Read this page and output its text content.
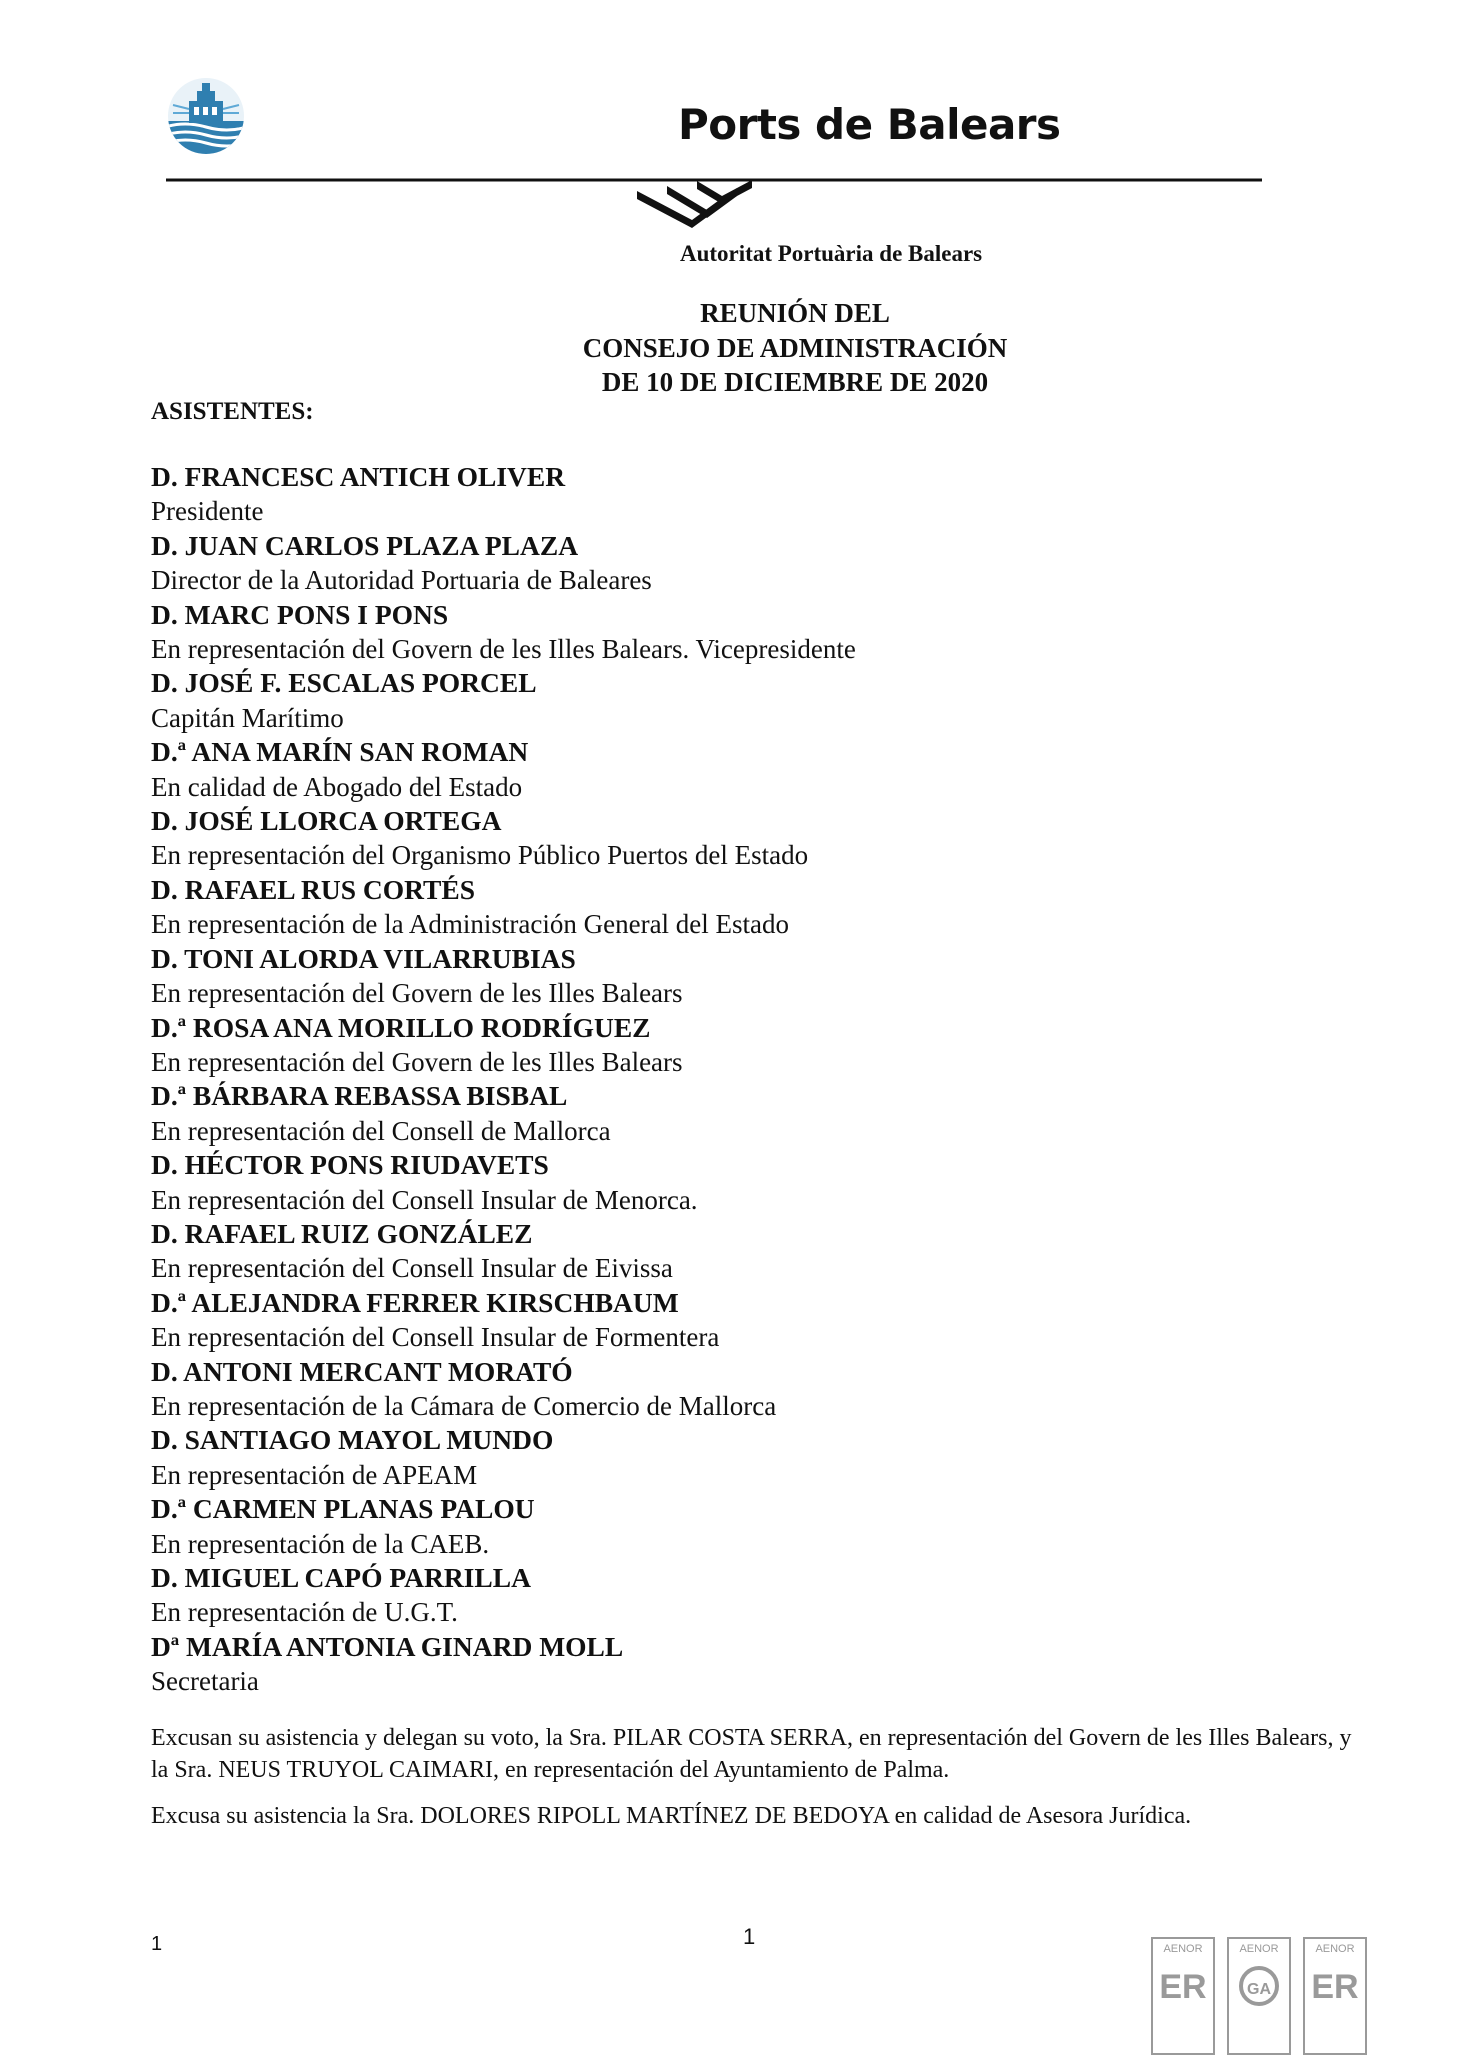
Ports de Balears
Autoritat Portuària de Balears
REUNIÓN DEL
CONSEJO DE ADMINISTRACIÓN
DE 10 DE DICIEMBRE DE 2020
ASISTENTES:
D. FRANCESC ANTICH OLIVER
Presidente
D. JUAN CARLOS PLAZA PLAZA
Director de la Autoridad Portuaria de Baleares
D. MARC PONS I PONS
En representación del Govern de les Illes Balears. Vicepresidente
D. JOSÉ F. ESCALAS PORCEL
Capitán Marítimo
D.ª ANA MARÍN SAN ROMAN
En calidad de Abogado del Estado
D. JOSÉ LLORCA ORTEGA
En representación del Organismo Público Puertos del Estado
D. RAFAEL RUS CORTÉS
En representación de la Administración General del Estado
D. TONI ALORDA VILARRUBIAS
En representación del Govern de les Illes Balears
D.ª ROSA ANA MORILLO RODRÍGUEZ
En representación del Govern de les Illes Balears
D.ª BÁRBARA REBASSA BISBAL
En representación del Consell de Mallorca
D. HÉCTOR PONS RIUDAVETS
En representación del Consell Insular de Menorca.
D. RAFAEL RUIZ GONZÁLEZ
En representación del Consell Insular de Eivissa
D.ª ALEJANDRA FERRER KIRSCHBAUM
En representación del Consell Insular de Formentera
D. ANTONI MERCANT MORATÓ
En representación de la Cámara de Comercio de Mallorca
D. SANTIAGO MAYOL MUNDO
En representación de APEAM
D.ª CARMEN PLANAS PALOU
En representación de la CAEB.
D. MIGUEL CAPÓ PARRILLA
En representación de U.G.T.
Dª MARÍA ANTONIA GINARD MOLL
Secretaria

Excusan su asistencia y delegan su voto, la Sra. PILAR COSTA SERRA, en representación del Govern de les Illes Balears, y la Sra. NEUS TRUYOL CAIMARI, en representación del Ayuntamiento de Palma.

Excusa su asistencia la Sra. DOLORES RIPOLL MARTÍNEZ DE BEDOYA en calidad de Asesora Jurídica.

1	1	AENOR
ER
AENOR
GA
AENOR
ER
